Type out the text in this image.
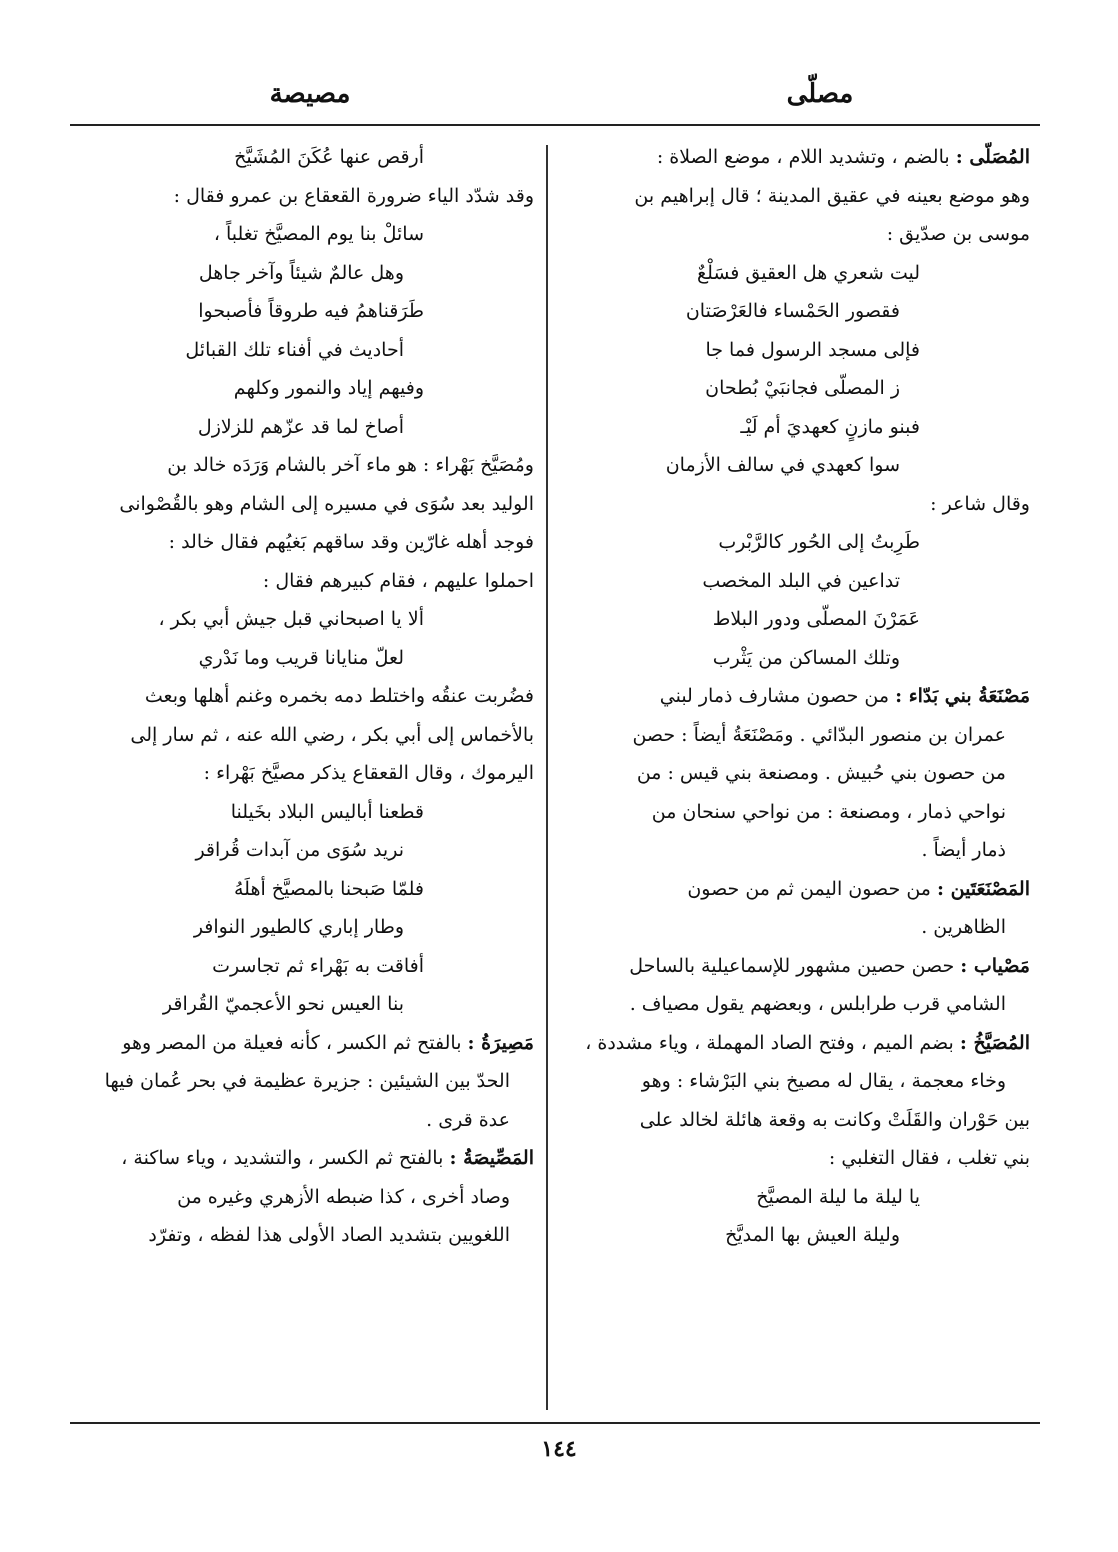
مصلّى
مصيصة
المُصَلّى : بالضم ، وتشديد اللام ، موضع الصلاة :
وهو موضع بعينه في عقيق المدينة ؛ قال إبراهيم بن
موسى بن صدّيق :
ليت شعري هل العقيق فسَلْعٌ
فقصور الحَمْساء فالعَرْصَتان
فإلى مسجد الرسول فما جا
ز المصلّى فجانبَيْ بُطحان
فبنو مازنٍ كعهديَ أم لَيْـ
سوا كعهدي في سالف الأزمان
وقال شاعر :
طَرِبتُ إلى الحُور كالرَّبْرب
تداعين في البلد المخصب
عَمَرْنَ المصلّى ودور البلاط
وتلك المساكن من يَثْرب
مَصْنَعَةُ بني بَدّاء : من حصون مشارف ذمار لبني
عمران بن منصور البدّائي . ومَصْنَعَةُ أيضاً : حصن
من حصون بني حُبيش . ومصنعة بني قيس : من
نواحي ذمار ، ومصنعة : من نواحي سنحان من
ذمار أيضاً .
المَصْنَعَتَين : من حصون اليمن ثم من حصون
الظاهرين .
مَصْياب : حصن حصين مشهور للإسماعيلية بالساحل
الشامي قرب طرابلس ، وبعضهم يقول مصياف .
المُصَيَّخُ : بضم الميم ، وفتح الصاد المهملة ، وياء مشددة ،
وخاء معجمة ، يقال له مصيخ بني البَرْشاء : وهو
بين حَوْران والقَلَتْ وكانت به وقعة هائلة لخالد على
بني تغلب ، فقال التغلبي :
يا ليلة ما ليلة المصيَّخ
وليلة العيش بها المديَّخ
أرقص عنها عُكَنَ المُشَيَّخ
وقد شدّد الياء ضرورة القعقاع بن عمرو فقال :
سائلْ بنا يوم المصيَّخ تغلباً ،
وهل عالمٌ شيئاً وآخر جاهل
طَرَقناهمُ فيه طروقاً فأصبحوا
أحاديث في أفناء تلك القبائل
وفيهم إياد والنمور وكلهم
أصاخ لما قد عزّهم للزلازل
ومُصَيَّخ بَهْراء : هو ماء آخر بالشام وَرَدَه خالد بن
الوليد بعد سُوَى في مسيره إلى الشام وهو بالقُصْوانى
فوجد أهله غارّين وقد ساقهم بَغيُهم فقال خالد :
احملوا عليهم ، فقام كبيرهم فقال :
ألا يا اصبحاني قبل جيش أبي بكر ،
لعلّ منايانا قريب وما نَدْري
فضُربت عنقُه واختلط دمه بخمره وغنم أهلها وبعث
بالأخماس إلى أبي بكر ، رضي الله عنه ، ثم سار إلى
اليرموك ، وقال القعقاع يذكر مصيَّخ بَهْراء :
قطعنا أباليس البلاد بخَيلنا
نريد سُوَى من آبدات قُراقر
فلمّا صَبحنا بالمصيَّخ أهلَهُ
وطار إباري كالطيور النوافر
أفاقت به بَهْراء ثم تجاسرت
بنا العيس نحو الأعجميّ القُراقر
مَصِيرَةُ : بالفتح ثم الكسر ، كأنه فعيلة من المصر وهو
الحدّ بين الشيئين : جزيرة عظيمة في بحر عُمان فيها
عدة قرى .
المَصِّيصَةُ : بالفتح ثم الكسر ، والتشديد ، وياء ساكنة ،
وصاد أخرى ، كذا ضبطه الأزهري وغيره من
اللغويين بتشديد الصاد الأولى هذا لفظه ، وتفرّد
١٤٤
